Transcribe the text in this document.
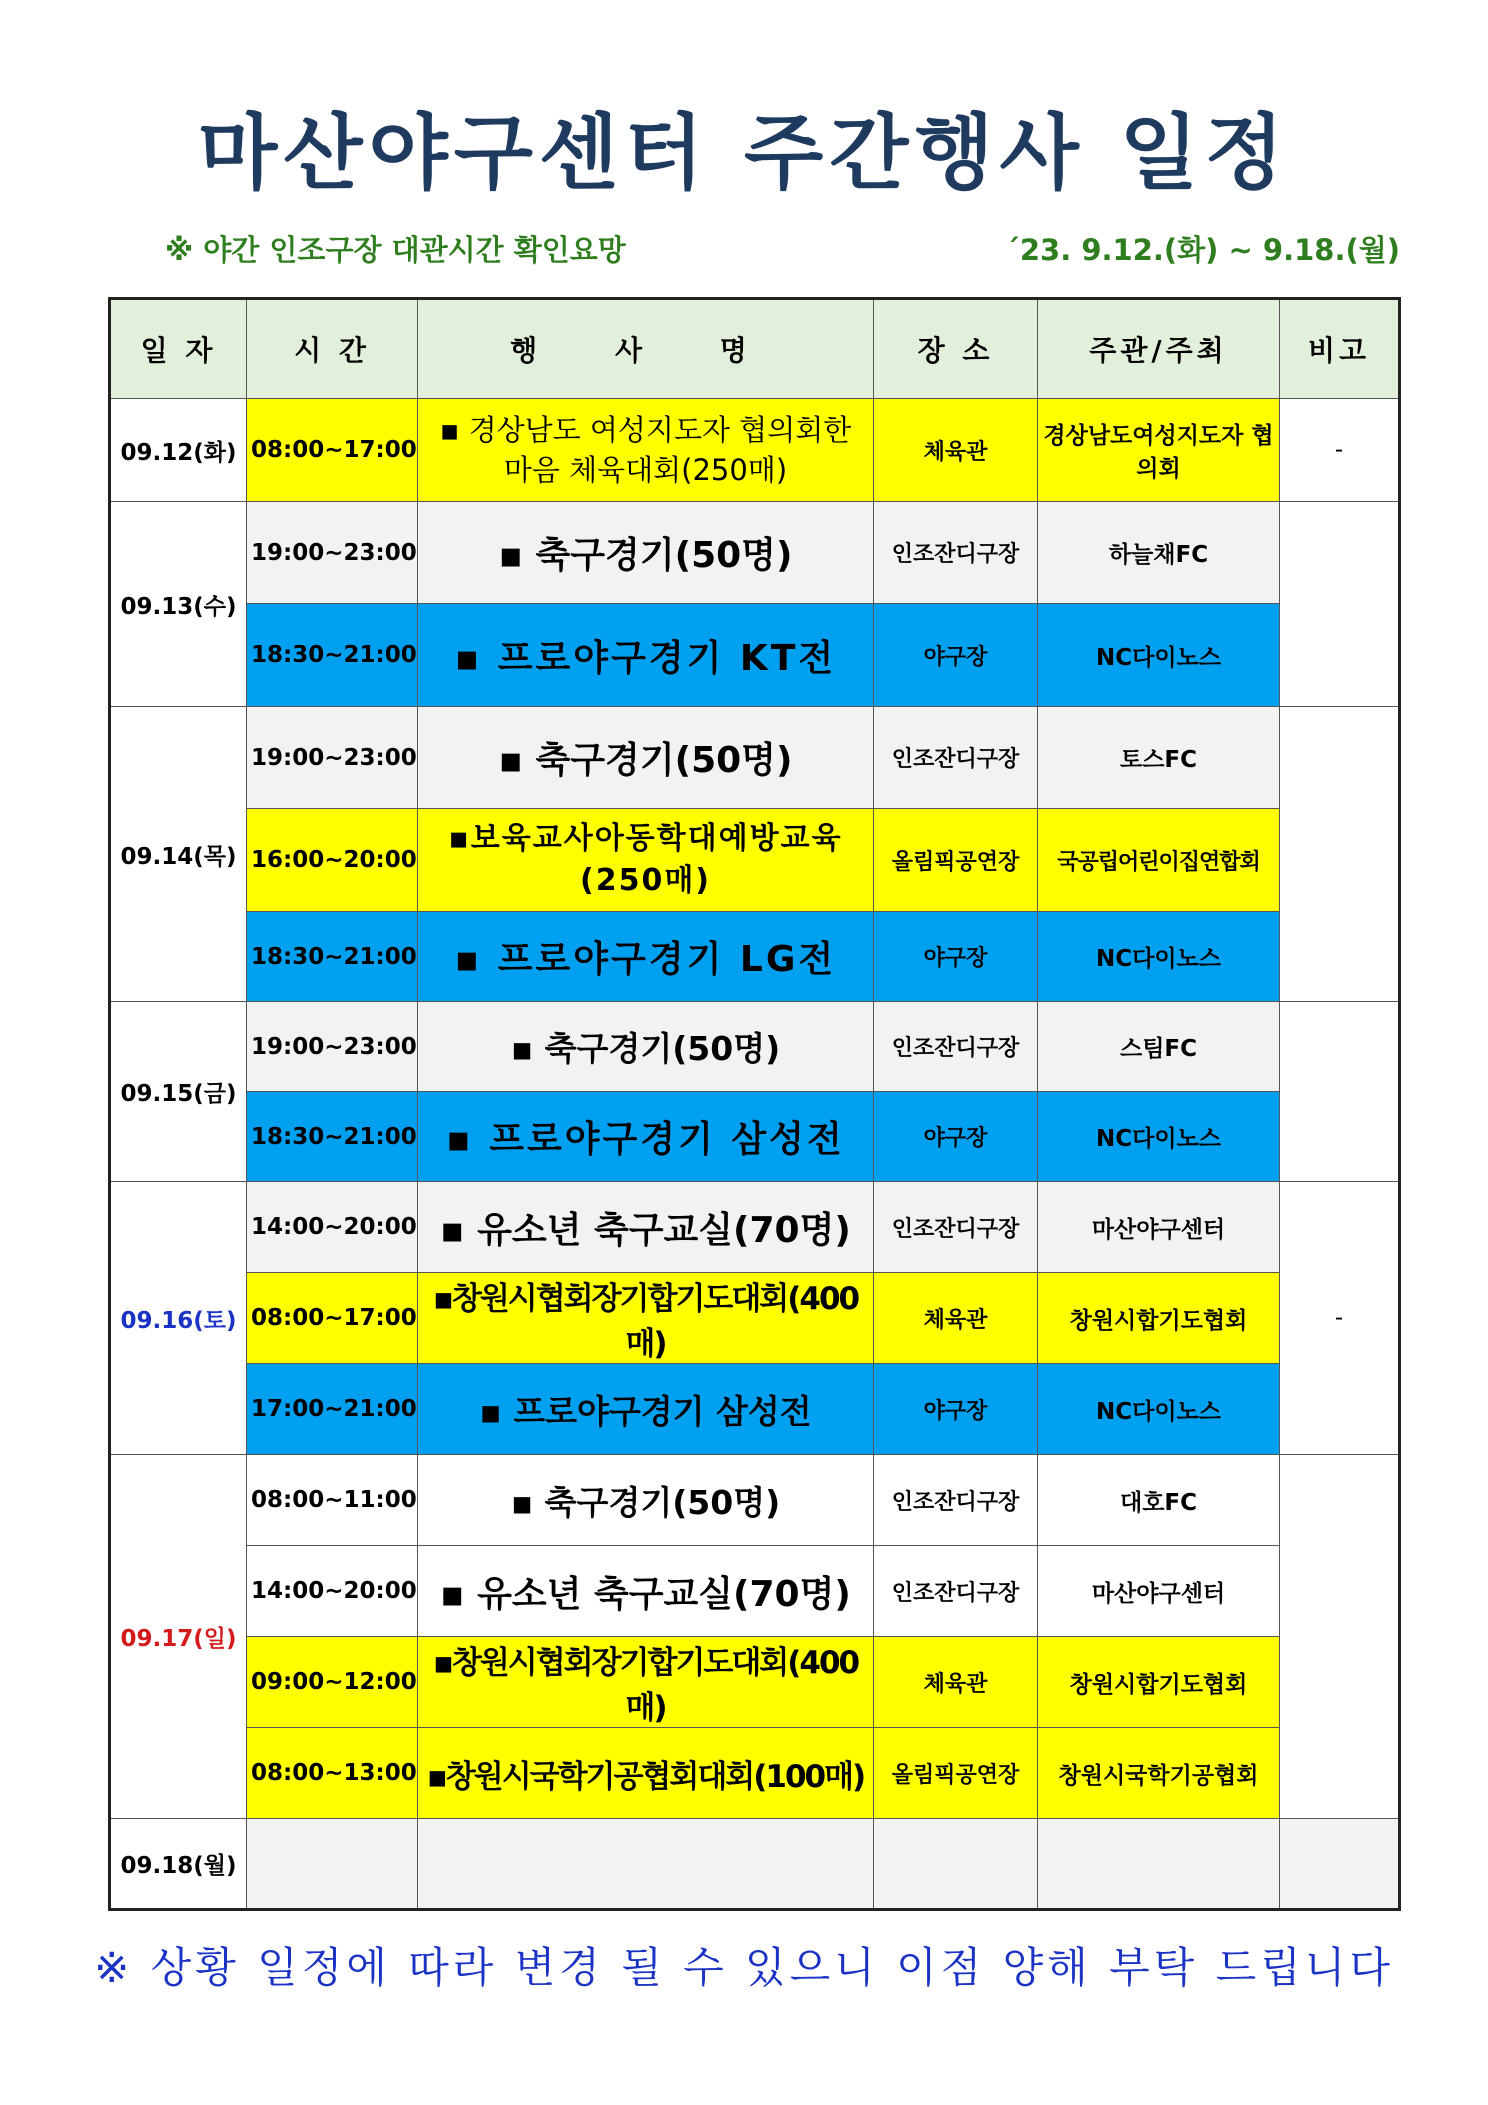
마산야구센터 주간행사 일정
※ 야간 인조구장 대관시간 확인요망	´23. 9.12.(화) ~ 9.18.(월)
일 자	시 간	행 사 명	장 소	주관/주최	비고
09.12(화)	08:00~17:00	▪ 경상남도 여성지도자 협의회한 마음 체육대회(250매)	체육관	경상남도여성지도자 협의회	-
09.13(수)	19:00~23:00	▪ 축구경기(50명)	인조잔디구장	하늘채FC	
	18:30~21:00	▪ 프로야구경기 KT전	야구장	NC다이노스	
09.14(목)	19:00~23:00	▪ 축구경기(50명)	인조잔디구장	토스FC	
	16:00~20:00	▪보육교사아동학대예방교육(250매)	올림픽공연장	국공립어린이집연합회	
	18:30~21:00	▪ 프로야구경기 LG전	야구장	NC다이노스	
09.15(금)	19:00~23:00	▪ 축구경기(50명)	인조잔디구장	스팀FC	
	18:30~21:00	▪ 프로야구경기 삼성전	야구장	NC다이노스	
09.16(토)	14:00~20:00	▪ 유소년 축구교실(70명)	인조잔디구장	마산야구센터	-
	08:00~17:00	▪창원시협회장기합기도대회(400매)	체육관	창원시합기도협회	
	17:00~21:00	▪ 프로야구경기 삼성전	야구장	NC다이노스	
09.17(일)	08:00~11:00	▪ 축구경기(50명)	인조잔디구장	대호FC	
	14:00~20:00	▪ 유소년 축구교실(70명)	인조잔디구장	마산야구센터	
	09:00~12:00	▪창원시협회장기합기도대회(400매)	체육관	창원시합기도협회	
	08:00~13:00	▪창원시국학기공협회대회(100매)	올림픽공연장	창원시국학기공협회	
09.18(월)					
※ 상황 일정에 따라 변경 될 수 있으니 이점 양해 부탁 드립니다
